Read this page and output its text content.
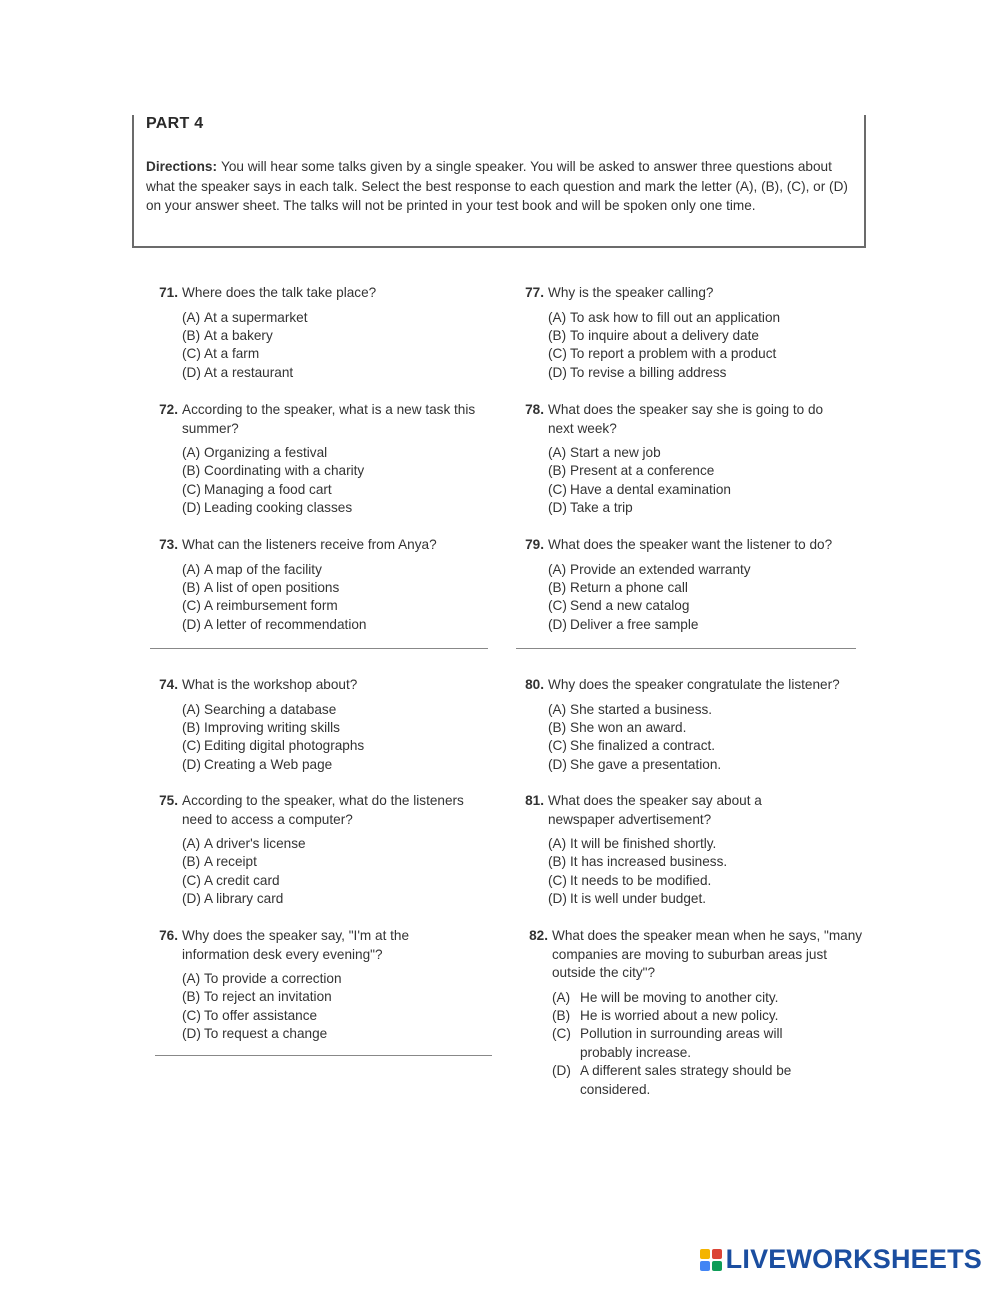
PART 4
Directions: You will hear some talks given by a single speaker. You will be asked to answer three questions about what the speaker says in each talk. Select the best response to each question and mark the letter (A), (B), (C), or (D) on your answer sheet. The talks will not be printed in your test book and will be spoken only one time.
71. Where does the talk take place?
(A) At a supermarket
(B) At a bakery
(C) At a farm
(D) At a restaurant
72. According to the speaker, what is a new task this summer?
(A) Organizing a festival
(B) Coordinating with a charity
(C) Managing a food cart
(D) Leading cooking classes
73. What can the listeners receive from Anya?
(A) A map of the facility
(B) A list of open positions
(C) A reimbursement form
(D) A letter of recommendation
74. What is the workshop about?
(A) Searching a database
(B) Improving writing skills
(C) Editing digital photographs
(D) Creating a Web page
75. According to the speaker, what do the listeners need to access a computer?
(A) A driver's license
(B) A receipt
(C) A credit card
(D) A library card
76. Why does the speaker say, "I'm at the information desk every evening"?
(A) To provide a correction
(B) To reject an invitation
(C) To offer assistance
(D) To request a change
77. Why is the speaker calling?
(A) To ask how to fill out an application
(B) To inquire about a delivery date
(C) To report a problem with a product
(D) To revise a billing address
78. What does the speaker say she is going to do next week?
(A) Start a new job
(B) Present at a conference
(C) Have a dental examination
(D) Take a trip
79. What does the speaker want the listener to do?
(A) Provide an extended warranty
(B) Return a phone call
(C) Send a new catalog
(D) Deliver a free sample
80. Why does the speaker congratulate the listener?
(A) She started a business.
(B) She won an award.
(C) She finalized a contract.
(D) She gave a presentation.
81. What does the speaker say about a newspaper advertisement?
(A) It will be finished shortly.
(B) It has increased business.
(C) It needs to be modified.
(D) It is well under budget.
82. What does the speaker mean when he says, "many companies are moving to suburban areas just outside the city"?
(A) He will be moving to another city.
(B) He is worried about a new policy.
(C) Pollution in surrounding areas will probably increase.
(D) A different sales strategy should be considered.
LIVEWORKSHEETS
